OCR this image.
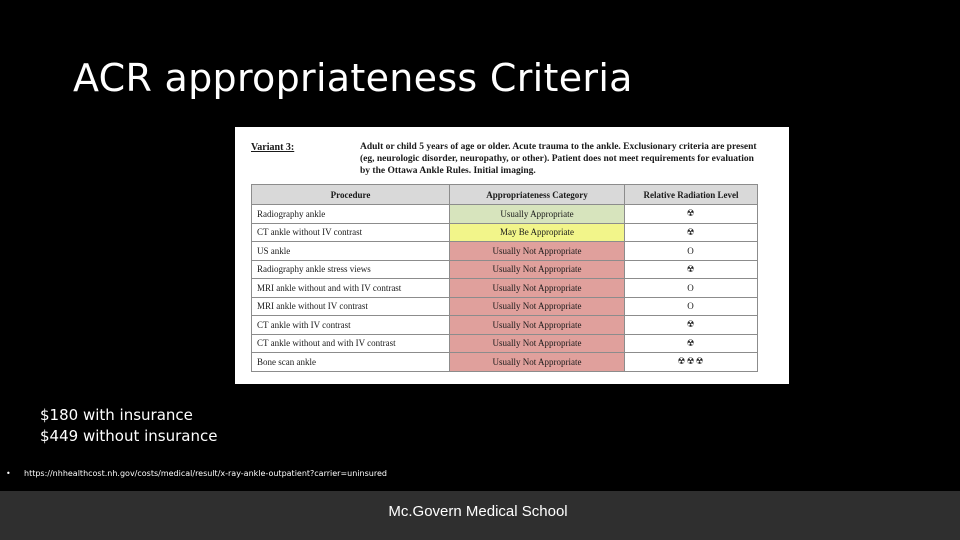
ACR appropriateness Criteria
Variant 3:	Adult or child 5 years of age or older. Acute trauma to the ankle. Exclusionary criteria are present (eg, neurologic disorder, neuropathy, or other). Patient does not meet requirements for evaluation by the Ottawa Ankle Rules. Initial imaging.
Procedure	Appropriateness Category	Relative Radiation Level
Radiography ankle	Usually Appropriate	☢
CT ankle without IV contrast	May Be Appropriate	☢
US ankle	Usually Not Appropriate	O
Radiography ankle stress views	Usually Not Appropriate	☢
MRI ankle without and with IV contrast	Usually Not Appropriate	O
MRI ankle without IV contrast	Usually Not Appropriate	O
CT ankle with IV contrast	Usually Not Appropriate	☢
CT ankle without and with IV contrast	Usually Not Appropriate	☢
Bone scan ankle	Usually Not Appropriate	☢☢☢
$180 with insurance
$449 without insurance
• https://nhhealthcost.nh.gov/costs/medical/result/x-ray-ankle-outpatient?carrier=uninsured
Mc.Govern Medical School
